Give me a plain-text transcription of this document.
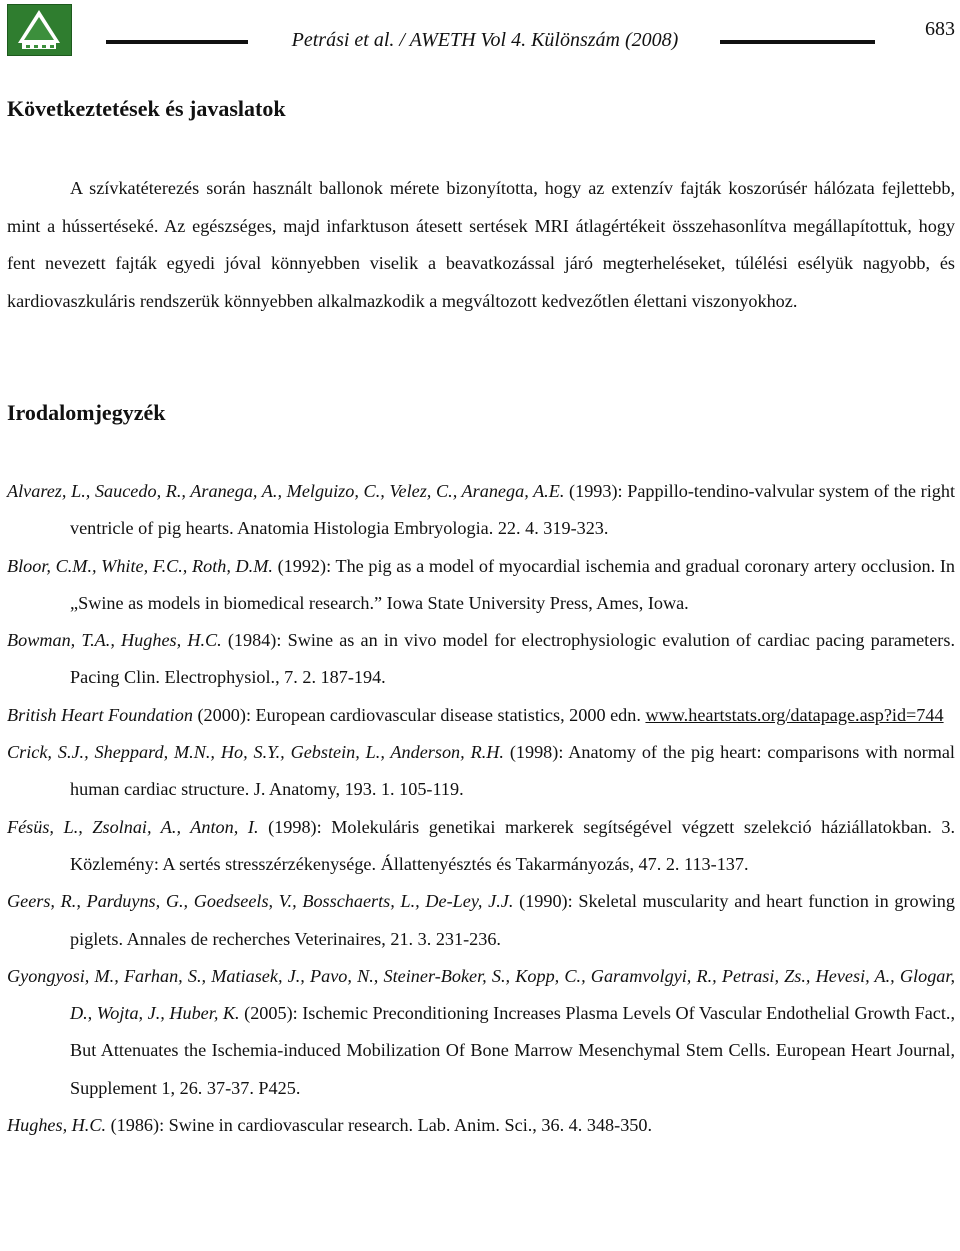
Petrási et al. / AWETH Vol 4. Különszám (2008)	683
Következtetések és javaslatok

A szívkatéterezés során használt ballonok mérete bizonyította, hogy az extenzív fajták koszorúsér hálózata fejlettebb, mint a hússertéseké. Az egészséges, majd infarktuson átesett sertések MRI átlagértékeit összehasonlítva megállapítottuk, hogy fent nevezett fajták egyedi jóval könnyebben viselik a beavatkozással járó megterheléseket, túlélési esélyük nagyobb, és kardiovaszkuláris rendszerük könnyebben alkalmazkodik a megváltozott kedvezőtlen élettani viszonyokhoz.

Irodalomjegyzék

Alvarez, L., Saucedo, R., Aranega, A., Melguizo, C., Velez, C., Aranega, A.E. (1993): Pappillo-tendino-valvular system of the right ventricle of pig hearts. Anatomia Histologia Embryologia. 22. 4. 319-323.

Bloor, C.M., White, F.C., Roth, D.M. (1992): The pig as a model of myocardial ischemia and gradual coronary artery occlusion. In „Swine as models in biomedical research.” Iowa State University Press, Ames, Iowa.

Bowman, T.A., Hughes, H.C. (1984): Swine as an in vivo model for electrophysiologic evalution of cardiac pacing parameters. Pacing Clin. Electrophysiol., 7. 2. 187-194.

British Heart Foundation (2000): European cardiovascular disease statistics, 2000 edn. www.heartstats.org/datapage.asp?id=744

Crick, S.J., Sheppard, M.N., Ho, S.Y., Gebstein, L., Anderson, R.H. (1998): Anatomy of the pig heart: comparisons with normal human cardiac structure. J. Anatomy, 193. 1. 105-119.

Fésüs, L., Zsolnai, A., Anton, I. (1998): Molekuláris genetikai markerek segítségével végzett szelekció háziállatokban. 3. Közlemény: A sertés stresszérzékenysége. Állattenyésztés és Takarmányozás, 47. 2. 113-137.

Geers, R., Parduyns, G., Goedseels, V., Bosschaerts, L., De-Ley, J.J. (1990): Skeletal muscularity and heart function in growing piglets. Annales de recherches Veterinaires, 21. 3. 231-236.

Gyongyosi, M., Farhan, S., Matiasek, J., Pavo, N., Steiner-Boker, S., Kopp, C., Garamvolgyi, R., Petrasi, Zs., Hevesi, A., Glogar, D., Wojta, J., Huber, K. (2005): Ischemic Preconditioning Increases Plasma Levels Of Vascular Endothelial Growth Fact., But Attenuates the Ischemia-induced Mobilization Of Bone Marrow Mesenchymal Stem Cells. European Heart Journal, Supplement 1, 26. 37-37. P425.

Hughes, H.C. (1986): Swine in cardiovascular research. Lab. Anim. Sci., 36. 4. 348-350.
